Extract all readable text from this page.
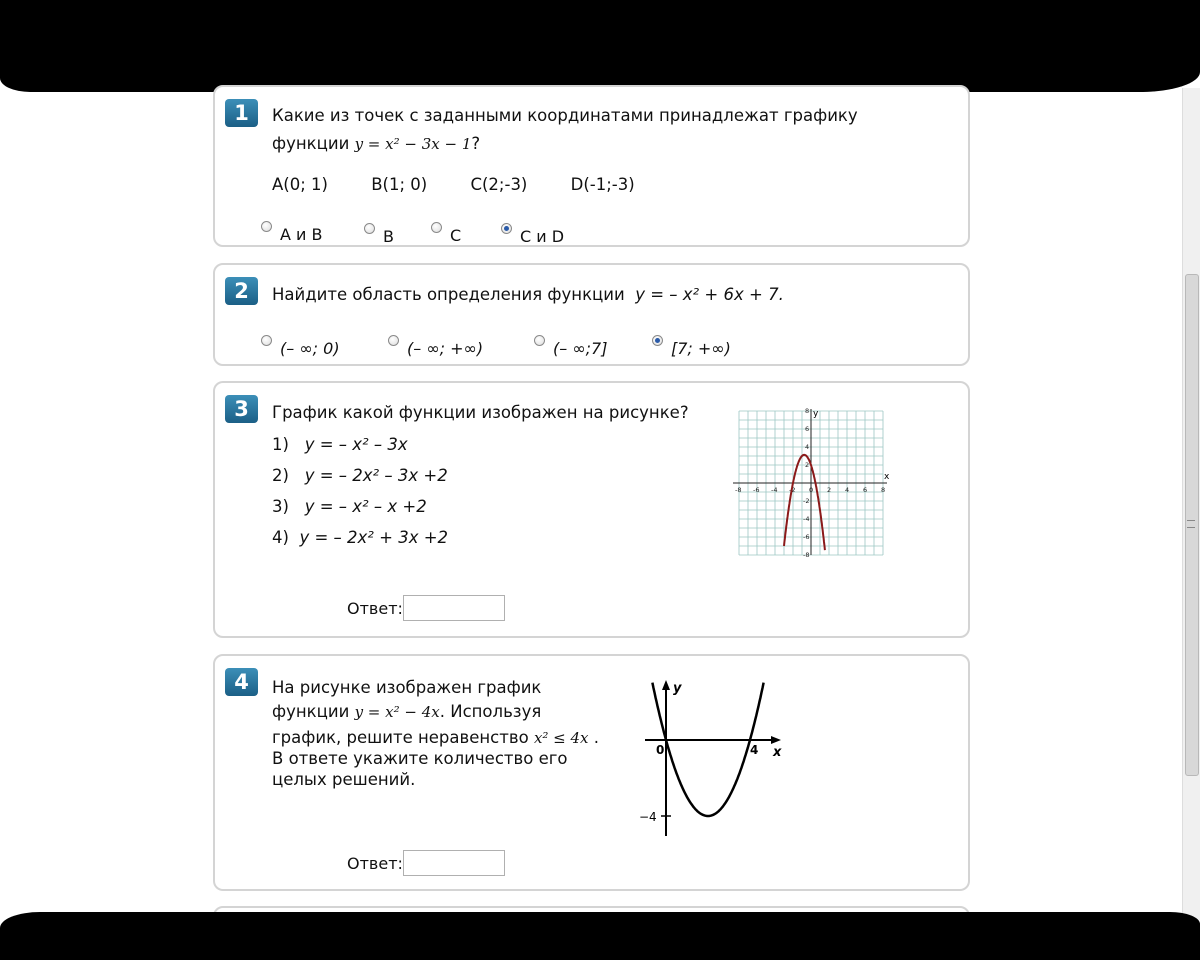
1	Какие из точек с заданными координатами принадлежат графику
функции y = x² − 3x − 1?
А(0; 1)	В(1; 0)	С(2;-3)	D(-1;-3)
А и В	В	С	С и D
2	Найдите область определения функции y = – x² + 6x + 7.
(– ∞; 0)	(– ∞; +∞)	(– ∞;7]	[7; +∞)
3	График какой функции изображен на рисунке?
1) y = – x² – 3x
2) y = – 2x² – 3x +2
3) y = – x² – x +2
4) y = – 2x² + 3x +2
-8 -6 -4 -2 0 2 4 6 8
8
6
4
2
-2
-4
-6
-8
x
y
Ответ:
4	На рисунке изображен график
функции y = x² − 4x. Используя
график, решите неравенство x² ≤ 4x .
В ответе укажите количество его
целых решений.
y
x
0	4
−4
Ответ:
